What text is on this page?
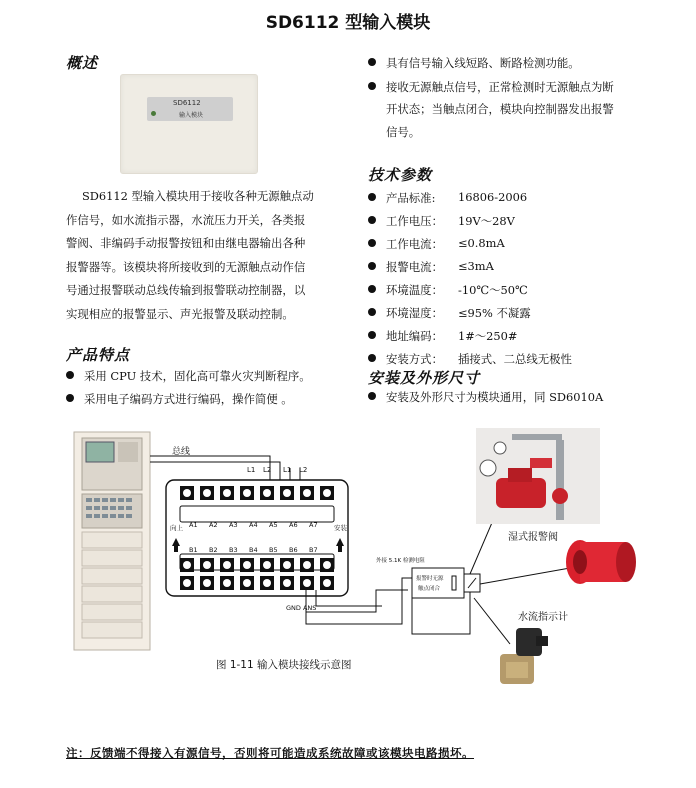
SD6112 型输入模块
概述
SD6112
输入模块
SD6112 型输入模块用于接收各种无源触点动
作信号，如水流指示器，水流压力开关，各类报
警阀、非编码手动报警按钮和由继电器输出各种
报警器等。该模块将所接收到的无源触点动作信
号通过报警联动总线传输到报警联动控制器，以
实现相应的报警显示、声光报警及联动控制。
产品特点
采用 CPU 技术，固化高可靠火灾判断程序。
采用电子编码方式进行编码，操作简便 。
具有信号输入线短路、断路检测功能。
接收无源触点信号，正常检测时无源触点为断
开状态；当触点闭合，模块向控制器发出报警
信号。
技术参数
产品标准: 16806-2006
工作电压： 19V～28V
工作电流： ≤0.8mA
报警电流： ≤3mA
环境温度： -10℃～50℃
环境湿度： ≤95% 不凝露
地址编码： 1#～250#
安装方式： 插接式、二总线无极性
安装及外形尺寸
安装及外形尺寸为模块通用，同 SD6010A
总线
L1 L2 L1 L2
向上	安装
A1 A2 A3 A4 A5 A6 A7
B1 B2 B3 B4 B5 B6 B7
GND ANS
外接 5.1K 检测电阻
报警时无源
触点闭合
湿式报警阀
水流指示计
图 1-11 输入模块接线示意图
注：反馈端不得接入有源信号，否则将可能造成系统故障或该模块电路损坏。
